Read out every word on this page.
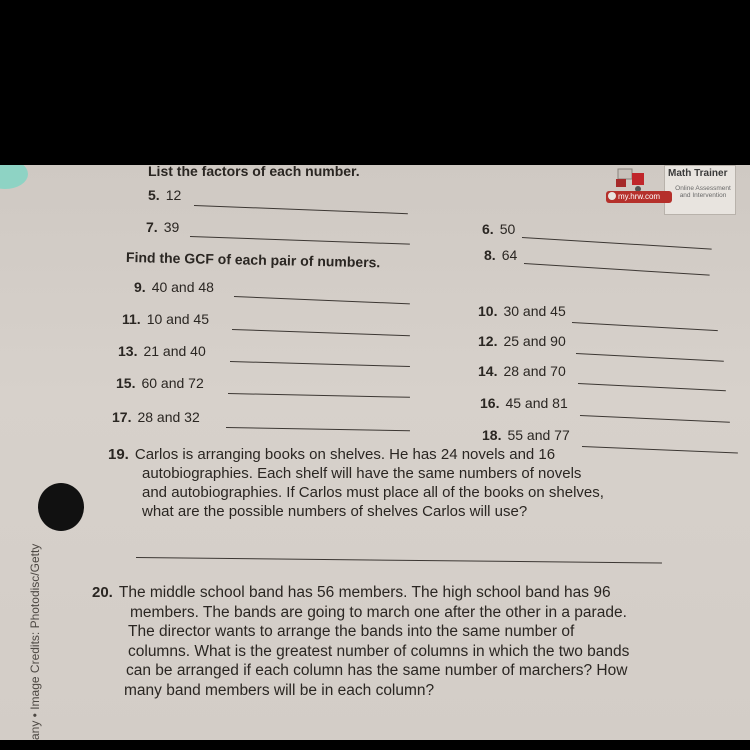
List the factors of each number.	Math Trainer
Online Assessment and Intervention
my.hrw.com
5. 12
7. 39	6. 50
8. 64
Find the GCF of each pair of numbers.
9. 40 and 48
11. 10 and 45
13. 21 and 40
15. 60 and 72
17. 28 and 32
10. 30 and 45
12. 25 and 90
14. 28 and 70
16. 45 and 81
18. 55 and 77
19. Carlos is arranging books on shelves. He has 24 novels and 16
autobiographies. Each shelf will have the same numbers of novels
and autobiographies. If Carlos must place all of the books on shelves,
what are the possible numbers of shelves Carlos will use?
any • Image Credits: Photodisc/Getty	20. The middle school band has 56 members. The high school band has 96
members. The bands are going to march one after the other in a parade.
The director wants to arrange the bands into the same number of
columns. What is the greatest number of columns in which the two bands
can be arranged if each column has the same number of marchers? How
many band members will be in each column?
